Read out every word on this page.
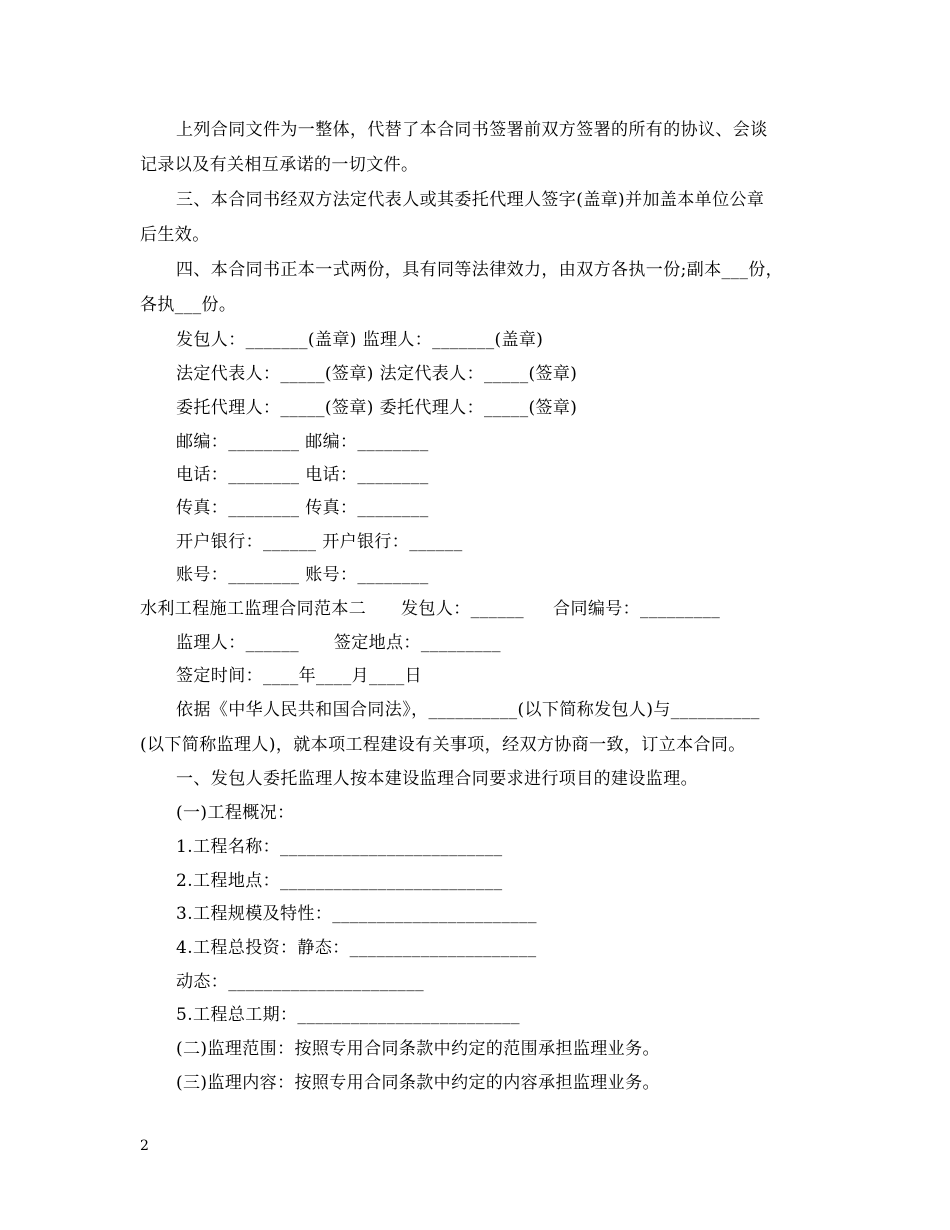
上列合同文件为一整体，代替了本合同书签署前双方签署的所有的协议、会谈
记录以及有关相互承诺的一切文件。
三、本合同书经双方法定代表人或其委托代理人签字(盖章)并加盖本单位公章
后生效。
四、本合同书正本一式两份，具有同等法律效力，由双方各执一份;副本___份，
各执___份。
发包人：_______(盖章) 监理人：_______(盖章)
法定代表人：_____(签章) 法定代表人：_____(签章)
委托代理人：_____(签章) 委托代理人：_____(签章)
邮编：________ 邮编：________
电话：________ 电话：________
传真：________ 传真：________
开户银行：______ 开户银行：______
账号：________ 账号：________
水利工程施工监理合同范本二      发包人：______     合同编号：_________
监理人：______      签定地点：_________
签定时间：____年____月____日
依据《中华人民共和国合同法》，__________(以下简称发包人)与__________
(以下简称监理人)，就本项工程建设有关事项，经双方协商一致，订立本合同。
一、发包人委托监理人按本建设监理合同要求进行项目的建设监理。
(一)工程概况：
1.工程名称：_________________________
2.工程地点：_________________________
3.工程规模及特性：_______________________
4.工程总投资：静态：_____________________
动态：______________________
5.工程总工期：_________________________
(二)监理范围：按照专用合同条款中约定的范围承担监理业务。
(三)监理内容：按照专用合同条款中约定的内容承担监理业务。
2
